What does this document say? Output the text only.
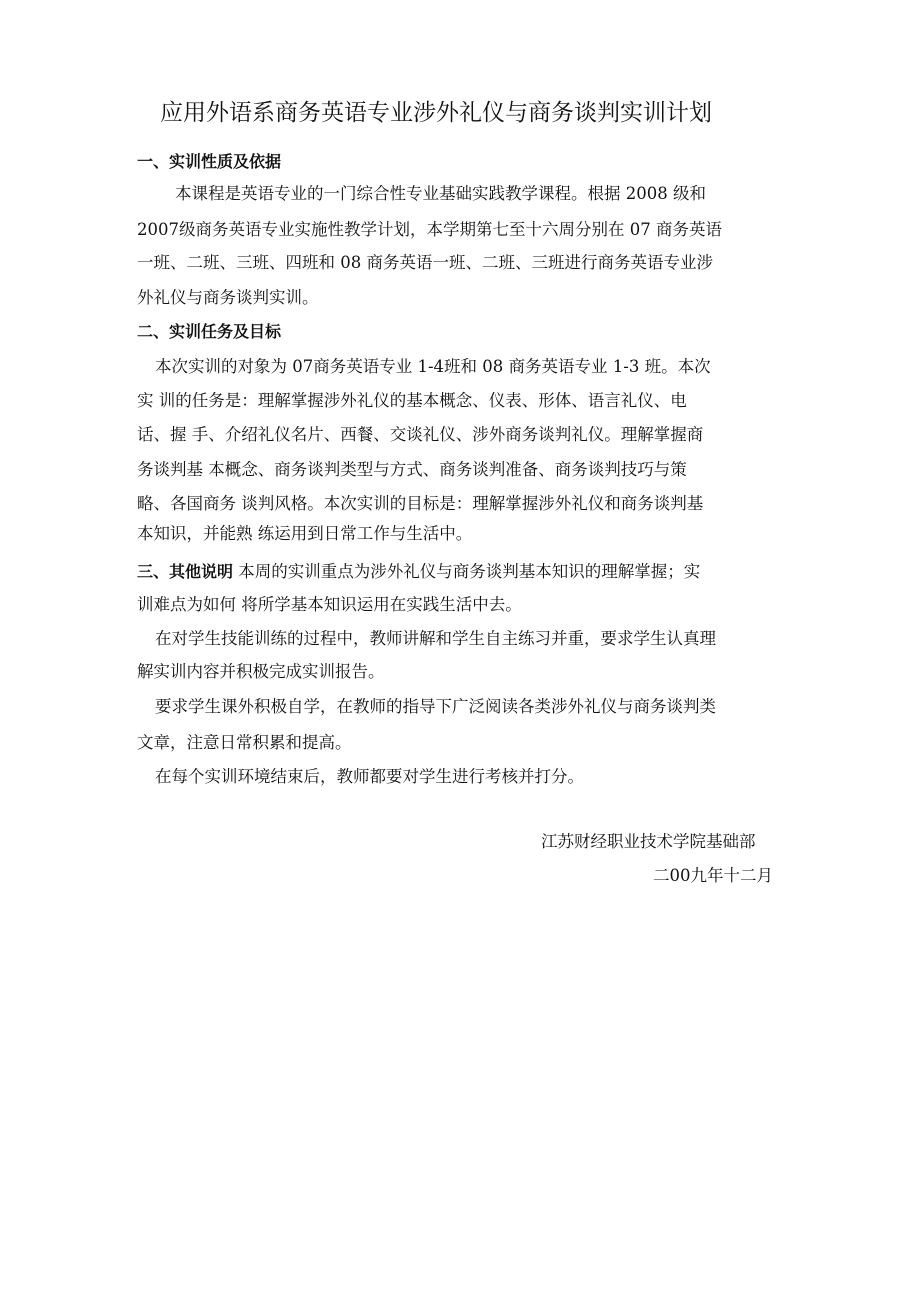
应用外语系商务英语专业涉外礼仪与商务谈判实训计划
一、实训性质及依据
本课程是英语专业的一门综合性专业基础实践教学课程。根据 2008 级和
2007级商务英语专业实施性教学计划，本学期第七至十六周分别在 07 商务英语
一班、二班、三班、四班和 08 商务英语一班、二班、三班进行商务英语专业涉
外礼仪与商务谈判实训。
二、实训任务及目标
本次实训的对象为 07商务英语专业 1-4班和 08 商务英语专业 1-3 班。本次
实 训的任务是：理解掌握涉外礼仪的基本概念、仪表、形体、语言礼仪、电
话、握 手、介绍礼仪名片、西餐、交谈礼仪、涉外商务谈判礼仪。理解掌握商
务谈判基 本概念、商务谈判类型与方式、商务谈判准备、商务谈判技巧与策
略、各国商务 谈判风格。本次实训的目标是：理解掌握涉外礼仪和商务谈判基
本知识，并能熟 练运用到日常工作与生活中。
三、其他说明 本周的实训重点为涉外礼仪与商务谈判基本知识的理解掌握；实
训难点为如何 将所学基本知识运用在实践生活中去。
在对学生技能训练的过程中，教师讲解和学生自主练习并重，要求学生认真理
解实训内容并积极完成实训报告。
要求学生课外积极自学，在教师的指导下广泛阅读各类涉外礼仪与商务谈判类
文章，注意日常积累和提高。
在每个实训环境结束后，教师都要对学生进行考核并打分。
江苏财经职业技术学院基础部
二00九年十二月
